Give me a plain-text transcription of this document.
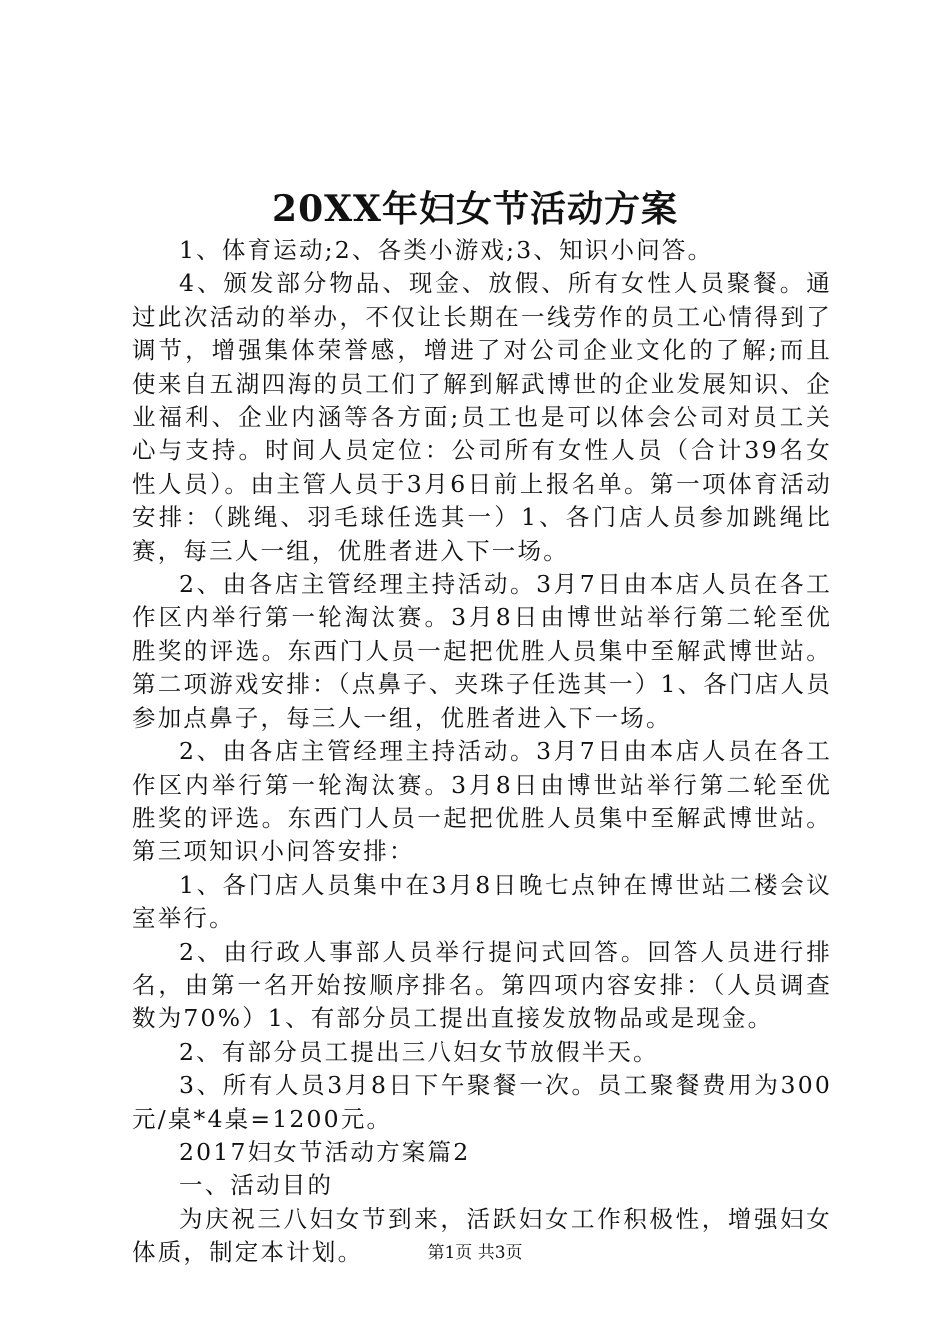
20XX年妇女节活动方案

1、体育运动;2、各类小游戏;3、知识小问答。

4、颁发部分物品、现金、放假、所有女性人员聚餐。通过此次活动的举办，不仅让长期在一线劳作的员工心情得到了调节，增强集体荣誉感，增进了对公司企业文化的了解;而且使来自五湖四海的员工们了解到解武博世的企业发展知识、企业福利、企业内涵等各方面;员工也是可以体会公司对员工关心与支持。时间人员定位：公司所有女性人员（合计39名女性人员）。由主管人员于3月6日前上报名单。第一项体育活动安排：（跳绳、羽毛球任选其一）1、各门店人员参加跳绳比赛，每三人一组，优胜者进入下一场。

2、由各店主管经理主持活动。3月7日由本店人员在各工作区内举行第一轮淘汰赛。3月8日由博世站举行第二轮至优胜奖的评选。东西门人员一起把优胜人员集中至解武博世站。第二项游戏安排：（点鼻子、夹珠子任选其一）1、各门店人员参加点鼻子，每三人一组，优胜者进入下一场。

2、由各店主管经理主持活动。3月7日由本店人员在各工作区内举行第一轮淘汰赛。3月8日由博世站举行第二轮至优胜奖的评选。东西门人员一起把优胜人员集中至解武博世站。第三项知识小问答安排：

1、各门店人员集中在3月8日晚七点钟在博世站二楼会议室举行。

2、由行政人事部人员举行提问式回答。回答人员进行排名，由第一名开始按顺序排名。第四项内容安排：（人员调查数为70%）1、有部分员工提出直接发放物品或是现金。

2、有部分员工提出三八妇女节放假半天。

3、所有人员3月8日下午聚餐一次。员工聚餐费用为300元/桌*4桌=1200元。

2017妇女节活动方案篇2

一、活动目的

为庆祝三八妇女节到来，活跃妇女工作积极性，增强妇女体质，制定本计划。	第1页 共3页
